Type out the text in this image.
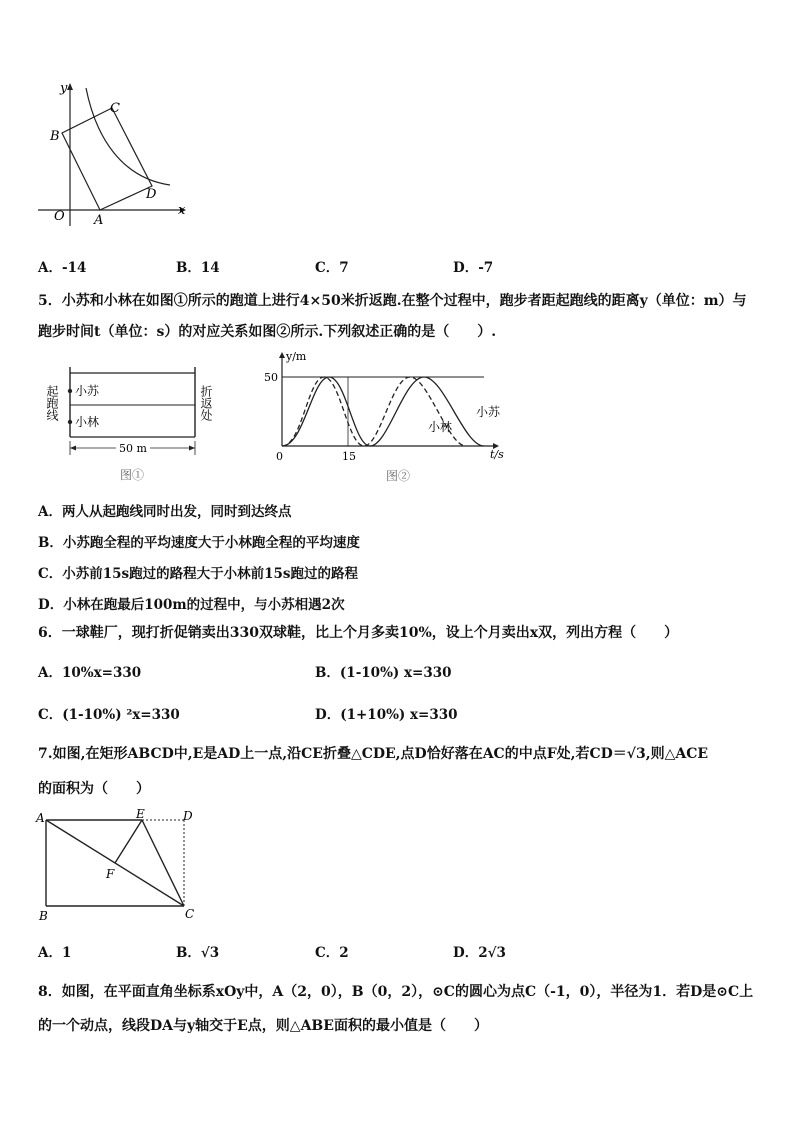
y
x
O A
B
C
D
A．-14	B．14	C．7	D．-7
5．小苏和小林在如图①所示的跑道上进行4×50米折返跑.在整个过程中，跑步者距起跑线的距离y（单位：m）与
跑步时间t（单位：s）的对应关系如图②所示.下列叙述正确的是（　　）.
起跑线	折返处
小苏
小林
50 m
图①
y/m
50
0	15	t/s
小苏
小林
图②
A．两人从起跑线同时出发，同时到达终点
B．小苏跑全程的平均速度大于小林跑全程的平均速度
C．小苏前15s跑过的路程大于小林前15s跑过的路程
D．小林在跑最后100m的过程中，与小苏相遇2次
6．一球鞋厂，现打折促销卖出330双球鞋，比上个月多卖10%，设上个月卖出x双，列出方程（　　）
A．10%x=330	B．(1-10%) x=330
C．(1-10%) ²x=330	D．(1+10%) x=330
7.如图,在矩形ABCD中,E是AD上一点,沿CE折叠△CDE,点D恰好落在AC的中点F处,若CD＝√3,则△ACE
的面积为（　　）
A	E	D
F
B	C
A．1	B．√3	C．2	D．2√3
8．如图，在平面直角坐标系xOy中，A（2，0），B（0，2），⊙C的圆心为点C（-1，0），半径为1．若D是⊙C上
的一个动点，线段DA与y轴交于E点，则△ABE面积的最小值是（　　）
